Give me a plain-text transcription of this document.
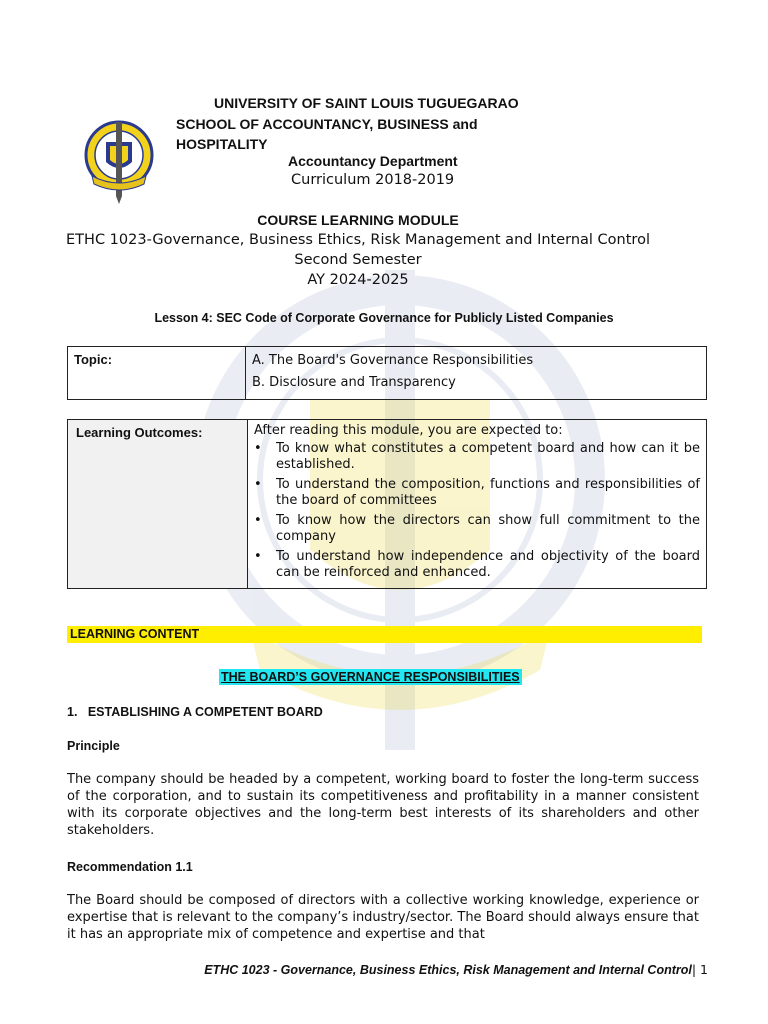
UNIVERSITY OF SAINT LOUIS TUGUEGARAO
SCHOOL OF ACCOUNTANCY, BUSINESS and
HOSPITALITY
Accountancy Department
Curriculum 2018-2019
COURSE LEARNING MODULE
ETHC 1023-Governance, Business Ethics, Risk Management and Internal Control
Second Semester
AY 2024-2025
Lesson 4: SEC Code of Corporate Governance for Publicly Listed Companies
Topic:	A. The Board's Governance Responsibilities
B. Disclosure and Transparency
Learning Outcomes:	After reading this module, you are expected to:
•	To know what constitutes a competent board and how can it be established.
•	To understand the composition, functions and responsibilities of the board of committees
•	To know how the directors can show full commitment to the company
•	To understand how independence and objectivity of the board can be reinforced and enhanced.
LEARNING CONTENT
THE BOARD’S GOVERNANCE RESPONSIBILITIES
1.   ESTABLISHING A COMPETENT BOARD
Principle
The company should be headed by a competent, working board to foster the long-term success of the corporation, and to sustain its competitiveness and profitability in a manner consistent with its corporate objectives and the long-term best interests of its shareholders and other stakeholders.
Recommendation 1.1
The Board should be composed of directors with a collective working knowledge, experience or expertise that is relevant to the company’s industry/sector. The Board should always ensure that it has an appropriate mix of competence and expertise and that
ETHC 1023 - Governance, Business Ethics, Risk Management and Internal Control| 1
